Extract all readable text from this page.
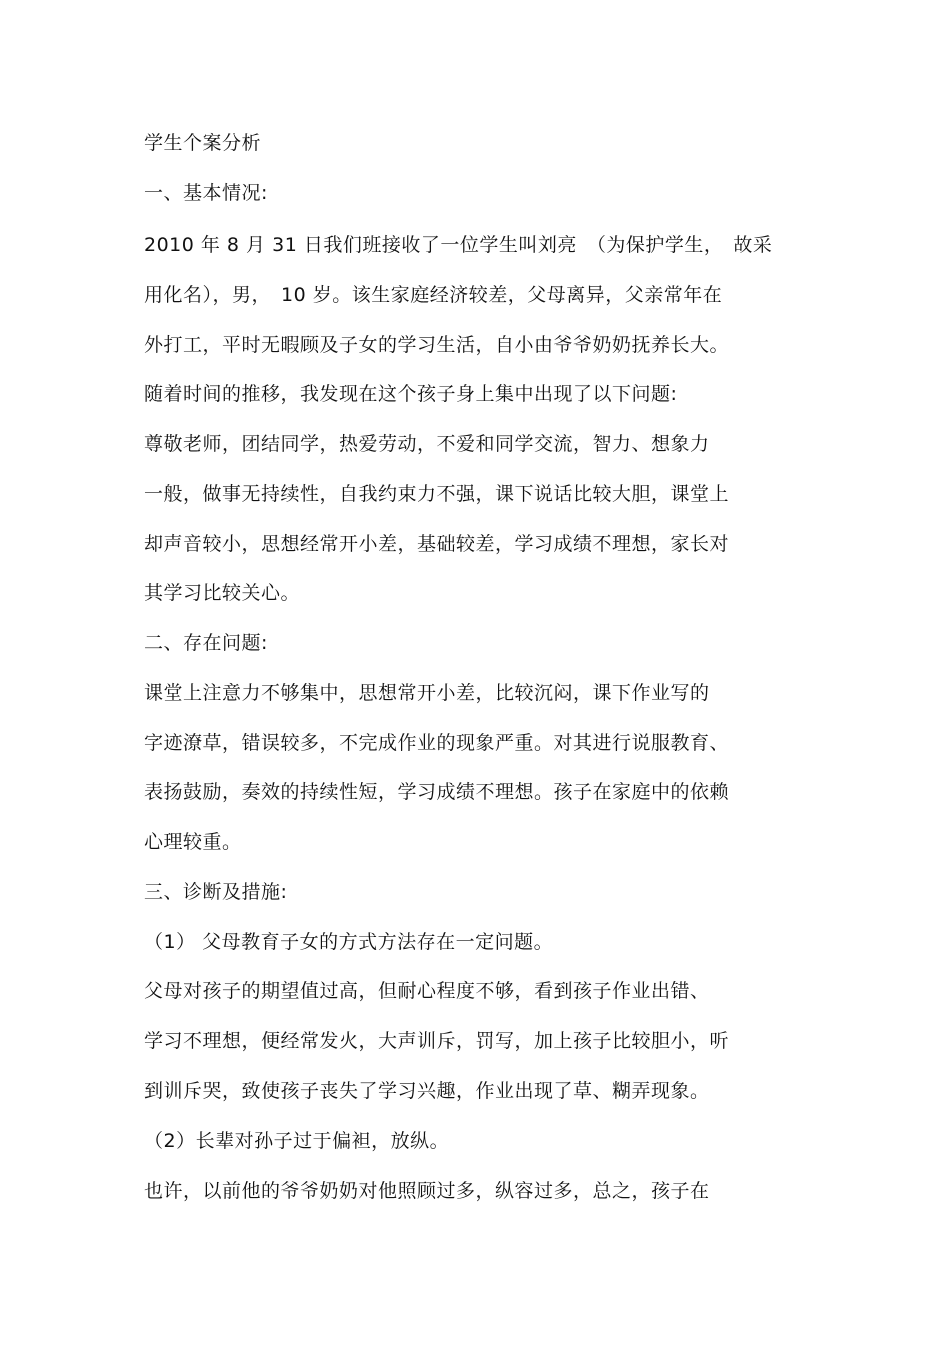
学生个案分析

一、基本情况:

2010 年 8 月 31 日我们班接收了一位学生叫刘亮　（为保护学生，　故采

用化名），男，　10 岁。该生家庭经济较差，父母离异，父亲常年在

外打工，平时无暇顾及子女的学习生活，自小由爷爷奶奶抚养长大。

随着时间的推移，我发现在这个孩子身上集中出现了以下问题:

尊敬老师，团结同学，热爱劳动，不爱和同学交流，智力、想象力

一般，做事无持续性，自我约束力不强，课下说话比较大胆，课堂上

却声音较小，思想经常开小差，基础较差，学习成绩不理想，家长对

其学习比较关心。

二、存在问题:

课堂上注意力不够集中，思想常开小差，比较沉闷，课下作业写的

字迹潦草，错误较多，不完成作业的现象严重。对其进行说服教育、

表扬鼓励，奏效的持续性短，学习成绩不理想。孩子在家庭中的依赖

心理较重。

三、诊断及措施:

（1） 父母教育子女的方式方法存在一定问题。

父母对孩子的期望值过高，但耐心程度不够，看到孩子作业出错、

学习不理想，便经常发火，大声训斥，罚写，加上孩子比较胆小，听

到训斥哭，致使孩子丧失了学习兴趣，作业出现了草、糊弄现象。

（2）长辈对孙子过于偏袒，放纵。

也许，以前他的爷爷奶奶对他照顾过多，纵容过多，总之，孩子在
